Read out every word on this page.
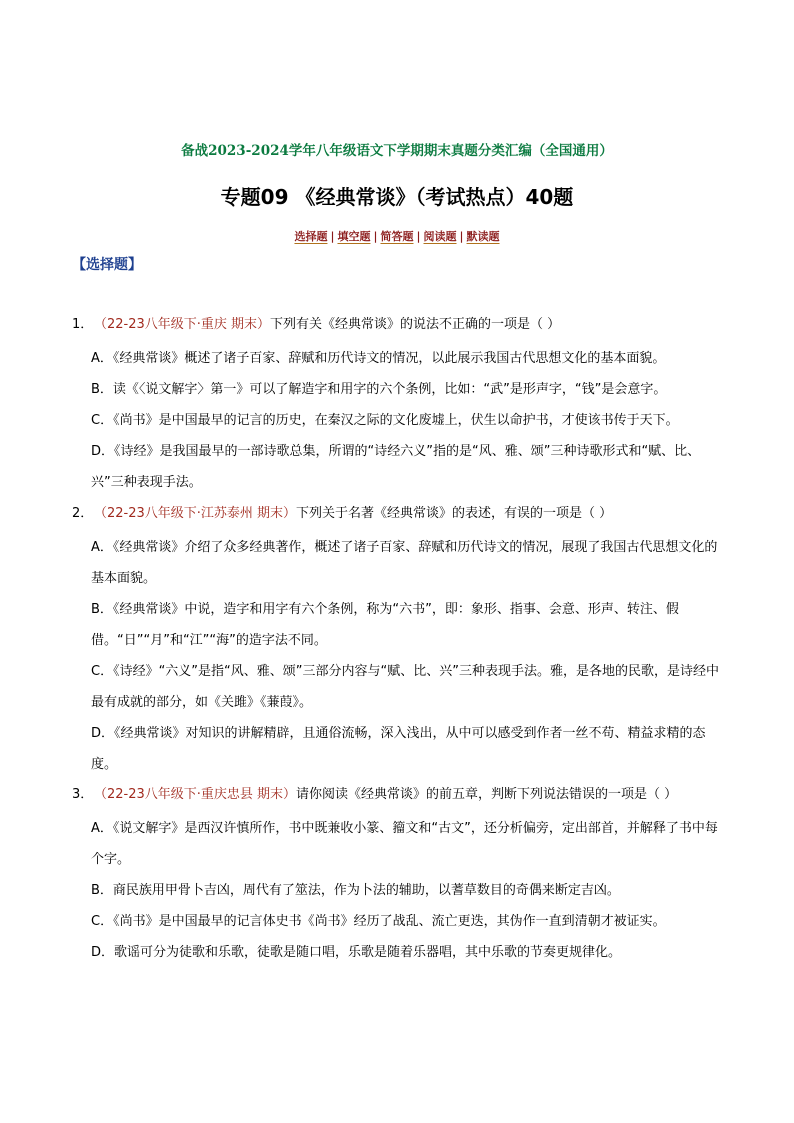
备战2023-2024学年八年级语文下学期期末真题分类汇编（全国通用）
专题09 《经典常谈》（考试热点）40题
选择题 | 填空题 | 简答题 | 阅读题 | 默读题
【选择题】
1．（22-23八年级下·重庆 期末）下列有关《经典常谈》的说法不正确的一项是（ ）
A．《经典常谈》概述了诸子百家、辞赋和历代诗文的情况，以此展示我国古代思想文化的基本面貌。
B．读《〈说文解字〉第一》可以了解造字和用字的六个条例，比如：“武”是形声字，“钱”是会意字。
C．《尚书》是中国最早的记言的历史，在秦汉之际的文化废墟上，伏生以命护书，才使该书传于天下。
D．《诗经》是我国最早的一部诗歌总集，所谓的“诗经六义”指的是“风、雅、颂”三种诗歌形式和“赋、比、兴”三种表现手法。
2．（22-23八年级下·江苏泰州 期末）下列关于名著《经典常谈》的表述，有误的一项是（ ）
A．《经典常谈》介绍了众多经典著作，概述了诸子百家、辞赋和历代诗文的情况，展现了我国古代思想文化的基本面貌。
B．《经典常谈》中说，造字和用字有六个条例，称为“六书”，即：象形、指事、会意、形声、转注、假借。“日”“月”和“江”“海”的造字法不同。
C．《诗经》“六义”是指“风、雅、颂”三部分内容与“赋、比、兴”三种表现手法。雅，是各地的民歌，是诗经中最有成就的部分，如《关雎》《蒹葭》。
D．《经典常谈》对知识的讲解精辟，且通俗流畅，深入浅出，从中可以感受到作者一丝不苟、精益求精的态度。
3．（22-23八年级下·重庆忠县 期末）请你阅读《经典常谈》的前五章，判断下列说法错误的一项是（ ）
A．《说文解字》是西汉许慎所作，书中既兼收小篆、籀文和“古文”，还分析偏旁，定出部首，并解释了书中每个字。
B．商民族用甲骨卜吉凶，周代有了筮法，作为卜法的辅助，以蓍草数目的奇偶来断定吉凶。
C．《尚书》是中国最早的记言体史书《尚书》经历了战乱、流亡更迭，其伪作一直到清朝才被证实。
D．歌谣可分为徒歌和乐歌，徒歌是随口唱，乐歌是随着乐器唱，其中乐歌的节奏更规律化。
